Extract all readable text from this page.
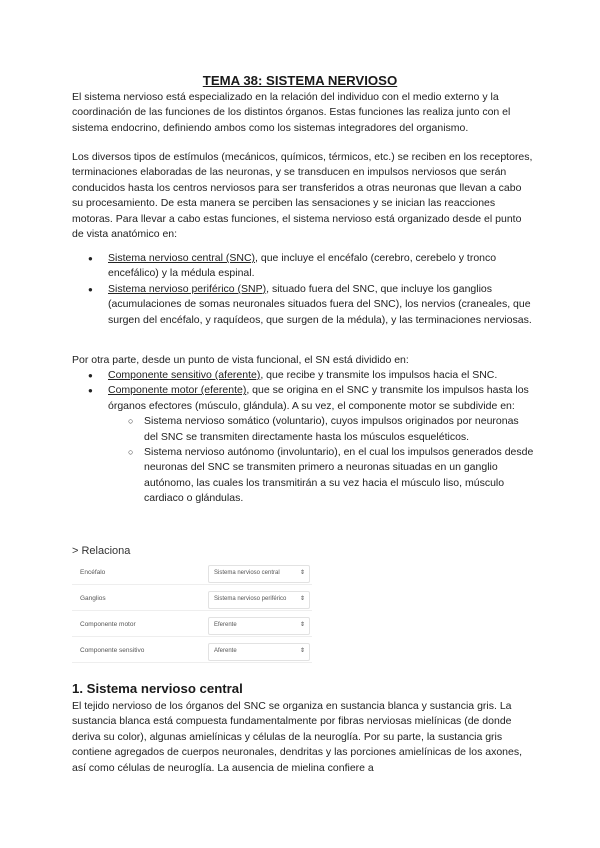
TEMA 38: SISTEMA NERVIOSO
El sistema nervioso está especializado en la relación del individuo con el medio externo y la coordinación de las funciones de los distintos órganos. Estas funciones las realiza junto con el sistema endocrino, definiendo ambos como los sistemas integradores del organismo.
Los diversos tipos de estímulos (mecánicos, químicos, térmicos, etc.) se reciben en los receptores, terminaciones elaboradas de las neuronas, y se transducen en impulsos nerviosos que serán conducidos hasta los centros nerviosos para ser transferidos a otras neuronas que llevan a cabo su procesamiento. De esta manera se perciben las sensaciones y se inician las reacciones motoras. Para llevar a cabo estas funciones, el sistema nervioso está organizado desde el punto de vista anatómico en:
● Sistema nervioso central (SNC), que incluye el encéfalo (cerebro, cerebelo y tronco encefálico) y la médula espinal.
● Sistema nervioso periférico (SNP), situado fuera del SNC, que incluye los ganglios (acumulaciones de somas neuronales situados fuera del SNC), los nervios (craneales, que surgen del encéfalo, y raquídeos, que surgen de la médula), y las terminaciones nerviosas.
Por otra parte, desde un punto de vista funcional, el SN está dividido en:
● Componente sensitivo (aferente), que recibe y transmite los impulsos hacia el SNC.
● Componente motor (eferente), que se origina en el SNC y transmite los impulsos hasta los órganos efectores (músculo, glándula). A su vez, el componente motor se subdivide en:
○ Sistema nervioso somático (voluntario), cuyos impulsos originados por neuronas del SNC se transmiten directamente hasta los músculos esqueléticos.
○ Sistema nervioso autónomo (involuntario), en el cual los impulsos generados desde neuronas del SNC se transmiten primero a neuronas situadas en un ganglio autónomo, las cuales los transmitirán a su vez hacia el músculo liso, músculo cardiaco o glándulas.
> Relaciona
Encéfalo	Sistema nervioso central	⇕
Ganglios	Sistema nervioso periférico ⇕
Componente motor	Eferente	⇕
Componente sensitivo	Aferente	⇕
1. Sistema nervioso central
El tejido nervioso de los órganos del SNC se organiza en sustancia blanca y sustancia gris. La sustancia blanca está compuesta fundamentalmente por fibras nerviosas mielínicas (de donde deriva su color), algunas amielínicas y células de la neuroglía. Por su parte, la sustancia gris contiene agregados de cuerpos neuronales, dendritas y las porciones amielínicas de los axones, así como células de neuroglía. La ausencia de mielina confiere a
